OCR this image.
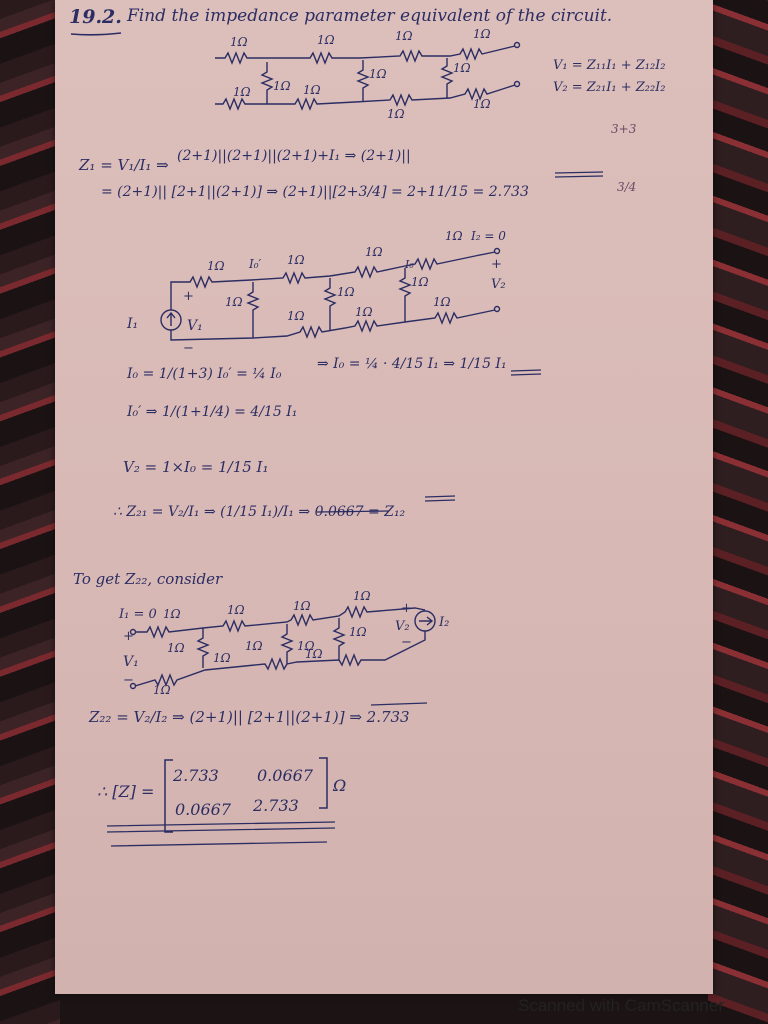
1Ω	1Ω	1Ω	1Ω
1Ω
1Ω	1Ω
1Ω
1Ω
1Ω
1Ω
I₁	V₁
+
−
1Ω I₀′ 1Ω
1Ω
1Ω I₂ = 0
I₀
1Ω
1Ω
1Ω
1Ω	1Ω
1Ω
+
V₂
I₁ = 0 1Ω	1Ω	1Ω
1Ω
1Ω	1Ω	1Ω
1Ω
1Ω	1Ω
1Ω
+
V₁
−
+
V₂ I₂
−
19.2. Find the impedance parameter equivalent of the circuit.
V₁ = Z₁₁I₁ + Z₁₂I₂
V₂ = Z₂₁I₁ + Z₂₂I₂
3+3
3/4
Z₁ = V₁/I₁ ⇒ (2+1)||(2+1)||(2+1)+I₁ ⇒ (2+1)||
= (2+1)|| [2+1||(2+1)] ⇒ (2+1)||[2+3/4] = 2+11/15 = 2.733
I₀ = 1/(1+3) I₀′ = ¼ I₀
⇒ I₀ = ¼ · 4/15 I₁ ⇒ 1/15 I₁
I₀′ ⇒ 1/(1+1/4) = 4/15 I₁
V₂ = 1×I₀ = 1/15 I₁
∴ Z₂₁ = V₂/I₁ ⇒ (1/15 I₁)/I₁ ⇒ 0.0667 = Z₁₂
To get Z₂₂, consider
Z₂₂ = V₂/I₂ ⇒ (2+1)|| [2+1||(2+1)] ⇒ 2.733
∴ [Z] =
2.733 0.0667
0.0667 2.733
Ω
Scanned with CamScanner
